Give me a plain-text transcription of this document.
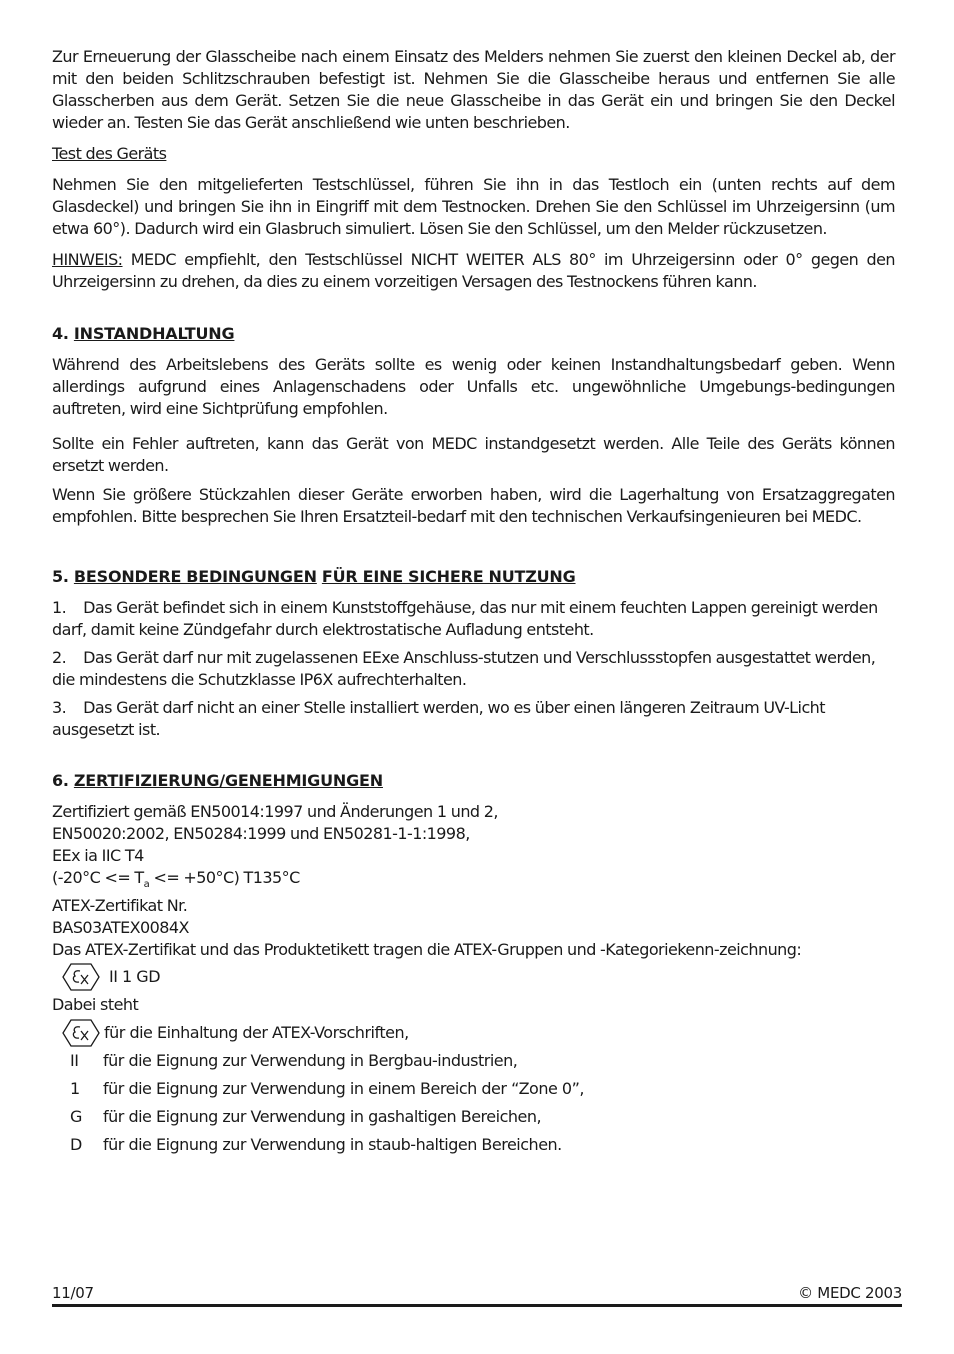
Zur Erneuerung der Glasscheibe nach einem Einsatz des Melders nehmen Sie zuerst den kleinen Deckel ab, der mit den beiden Schlitzschrauben befestigt ist. Nehmen Sie die Glasscheibe heraus und entfernen Sie alle Glasscherben aus dem Gerät. Setzen Sie die neue Glasscheibe in das Gerät ein und bringen Sie den Deckel wieder an. Testen Sie das Gerät anschließend wie unten beschrieben.

Test des Geräts

Nehmen Sie den mitgelieferten Testschlüssel, führen Sie ihn in das Testloch ein (unten rechts auf dem Glasdeckel) und bringen Sie ihn in Eingriff mit dem Testnocken. Drehen Sie den Schlüssel im Uhrzeigersinn (um etwa 60°). Dadurch wird ein Glasbruch simuliert. Lösen Sie den Schlüssel, um den Melder rückzusetzen.

HINWEIS: MEDC empfiehlt, den Testschlüssel NICHT WEITER ALS 80° im Uhrzeigersinn oder 0° gegen den Uhrzeigersinn zu drehen, da dies zu einem vorzeitigen Versagen des Testnockens führen kann.

4. INSTANDHALTUNG

Während des Arbeitslebens des Geräts sollte es wenig oder keinen Instandhaltungsbedarf geben. Wenn allerdings aufgrund eines Anlagenschadens oder Unfalls etc. ungewöhnliche Umgebungs-bedingungen auftreten, wird eine Sichtprüfung empfohlen.

Sollte ein Fehler auftreten, kann das Gerät von MEDC instandgesetzt werden. Alle Teile des Geräts können ersetzt werden.

Wenn Sie größere Stückzahlen dieser Geräte erworben haben, wird die Lagerhaltung von Ersatzaggregaten empfohlen. Bitte besprechen Sie Ihren Ersatzteil-bedarf mit den technischen Verkaufsingenieuren bei MEDC.

5. BESONDERE BEDINGUNGEN FÜR EINE SICHERE NUTZUNG

1.    Das Gerät befindet sich in einem Kunststoffgehäuse, das nur mit einem feuchten Lappen gereinigt werden darf, damit keine Zündgefahr durch elektrostatische Aufladung entsteht.

2.    Das Gerät darf nur mit zugelassenen EExe Anschluss-stutzen und Verschlussstopfen ausgestattet werden, die mindestens die Schutzklasse IP6X aufrechterhalten.

3.    Das Gerät darf nicht an einer Stelle installiert werden, wo es über einen längeren Zeitraum UV-Licht ausgesetzt ist.

6. ZERTIFIZIERUNG/GENEHMIGUNGEN

Zertifiziert gemäß EN50014:1997 und Änderungen 1 und 2,

EN50020:2002, EN50284:1999 und EN50281-1-1:1998,

EEx ia IIC T4

$(-20^\circ C <= T_a <= +50^\circ C)$ T135°C

ATEX-Zertifikat Nr.

BAS03ATEX0084X

Das ATEX-Zertifikat und das Produktetikett tragen die ATEX-Gruppen und -Kategoriekenn-zeichnung:

II 1 GD

Dabei steht

für die Einhaltung der ATEX-Vorschriften,
II	für die Eignung zur Verwendung in Bergbau-industrien,
1	für die Eignung zur Verwendung in einem Bereich der “Zone 0”,
G	für die Eignung zur Verwendung in gashaltigen Bereichen,
D	für die Eignung zur Verwendung in staub-haltigen Bereichen.
11/07	© MEDC 2003
